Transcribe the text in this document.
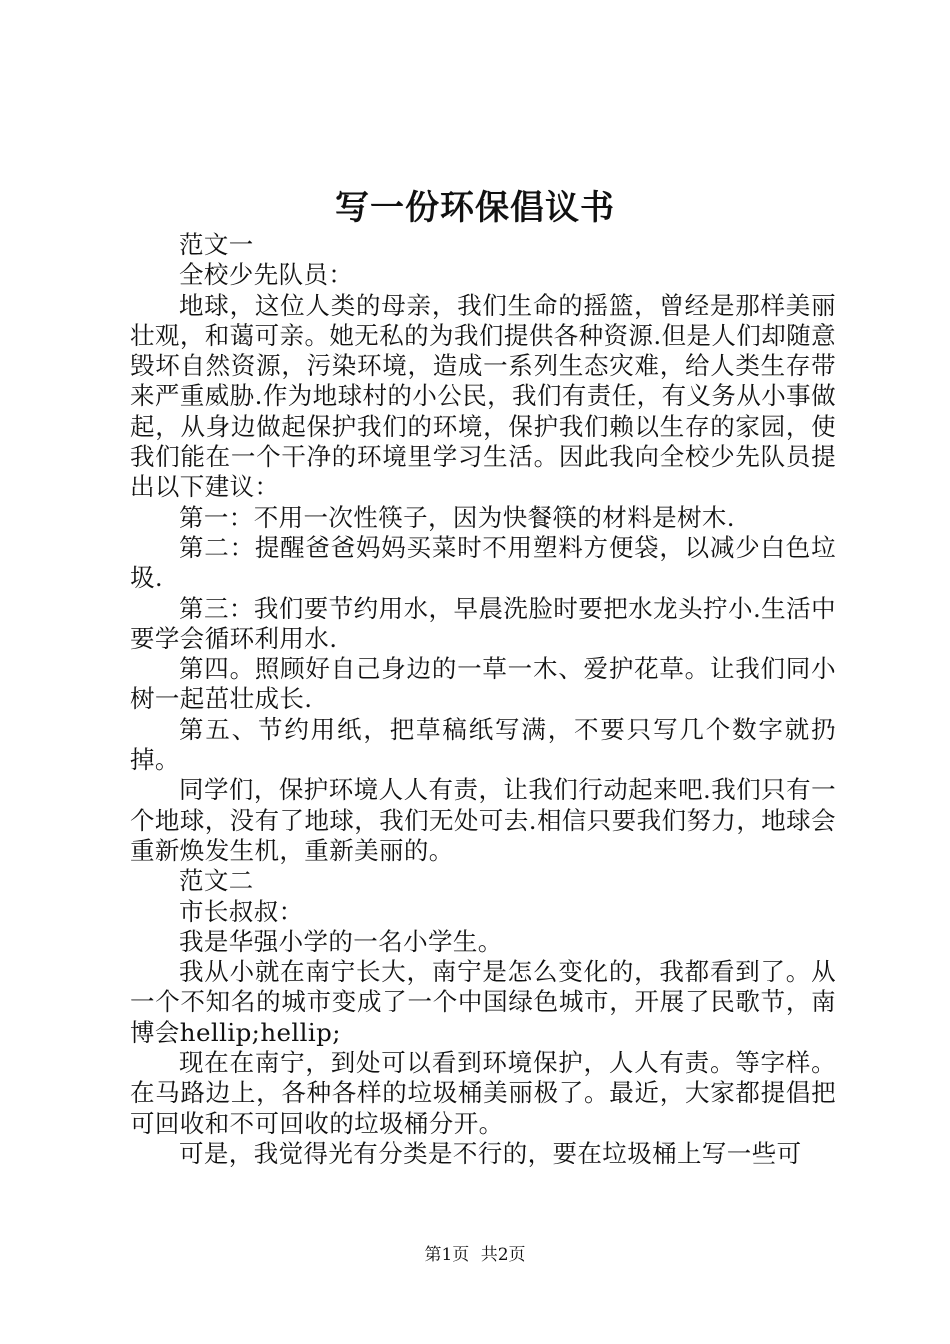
写一份环保倡议书

范文一

全校少先队员：

地球，这位人类的母亲，我们生命的摇篮，曾经是那样美丽壮观，和蔼可亲。她无私的为我们提供各种资源.但是人们却随意毁坏自然资源，污染环境，造成一系列生态灾难，给人类生存带来严重威胁.作为地球村的小公民，我们有责任，有义务从小事做起，从身边做起保护我们的环境，保护我们赖以生存的家园，使我们能在一个干净的环境里学习生活。因此我向全校少先队员提出以下建议：

第一：不用一次性筷子，因为快餐筷的材料是树木.

第二：提醒爸爸妈妈买菜时不用塑料方便袋，以减少白色垃圾.

第三：我们要节约用水，早晨洗脸时要把水龙头拧小.生活中要学会循环利用水.

第四。照顾好自己身边的一草一木、爱护花草。让我们同小树一起茁壮成长.

第五、节约用纸，把草稿纸写满，不要只写几个数字就扔掉。

同学们，保护环境人人有责，让我们行动起来吧.我们只有一个地球，没有了地球，我们无处可去.相信只要我们努力，地球会重新焕发生机，重新美丽的。

范文二

市长叔叔：

我是华强小学的一名小学生。

我从小就在南宁长大，南宁是怎么变化的，我都看到了。从一个不知名的城市变成了一个中国绿色城市，开展了民歌节，南博会hellip;hellip;

现在在南宁，到处可以看到环境保护，人人有责。等字样。在马路边上，各种各样的垃圾桶美丽极了。最近，大家都提倡把可回收和不可回收的垃圾桶分开。

可是，我觉得光有分类是不行的，要在垃圾桶上写一些可

第1页 共2页
